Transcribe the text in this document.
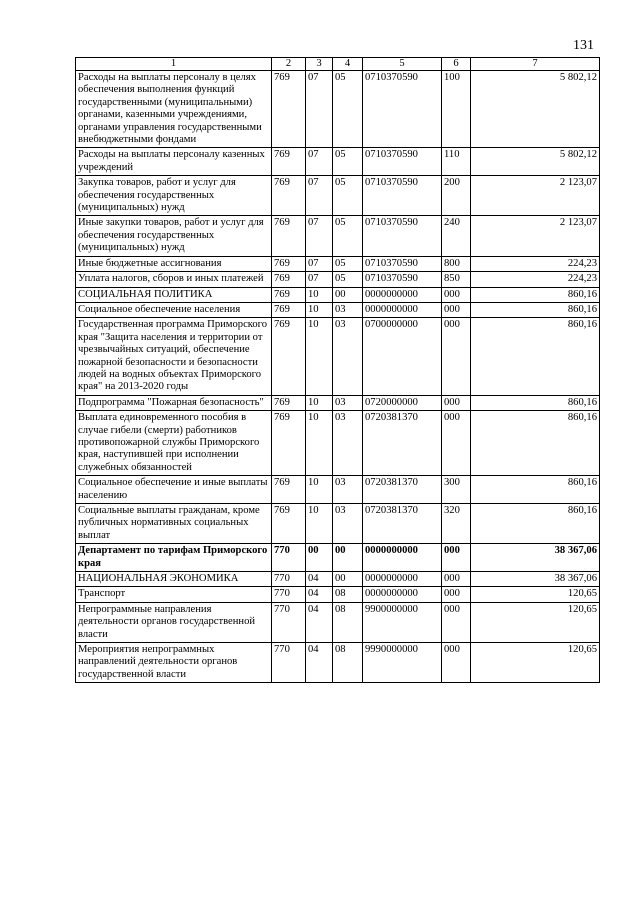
131
1	2	3	4	5	6	7
Расходы на выплаты персоналу в целях обеспечения выполнения функций государственными (муниципальными) органами, казенными учреждениями, органами управления государственными внебюджетными фондами	769	07	05	0710370590	100	5 802,12
Расходы на выплаты персоналу казенных учреждений	769	07	05	0710370590	110	5 802,12
Закупка товаров, работ и услуг для обеспечения государственных (муниципальных) нужд	769	07	05	0710370590	200	2 123,07
Иные закупки товаров, работ и услуг для обеспечения государственных (муниципальных) нужд	769	07	05	0710370590	240	2 123,07
Иные бюджетные ассигнования	769	07	05	0710370590	800	224,23
Уплата налогов, сборов и иных платежей	769	07	05	0710370590	850	224,23
СОЦИАЛЬНАЯ ПОЛИТИКА	769	10	00	0000000000	000	860,16
Социальное обеспечение населения	769	10	03	0000000000	000	860,16
Государственная программа Приморского края "Защита населения и территории от чрезвычайных ситуаций, обеспечение пожарной безопасности и безопасности людей на водных объектах Приморского края" на 2013-2020 годы	769	10	03	0700000000	000	860,16
Подпрограмма "Пожарная безопасность"	769	10	03	0720000000	000	860,16
Выплата единовременного пособия в случае гибели (смерти) работников противопожарной службы Приморского края, наступившей при исполнении служебных обязанностей	769	10	03	0720381370	000	860,16
Социальное обеспечение и иные выплаты населению	769	10	03	0720381370	300	860,16
Социальные выплаты гражданам, кроме публичных нормативных социальных выплат	769	10	03	0720381370	320	860,16
Департамент по тарифам Приморского края	770	00	00	0000000000	000	38 367,06
НАЦИОНАЛЬНАЯ ЭКОНОМИКА	770	04	00	0000000000	000	38 367,06
Транспорт	770	04	08	0000000000	000	120,65
Непрограммные направления деятельности органов государственной власти	770	04	08	9900000000	000	120,65
Мероприятия непрограммных направлений деятельности органов государственной власти	770	04	08	9990000000	000	120,65
